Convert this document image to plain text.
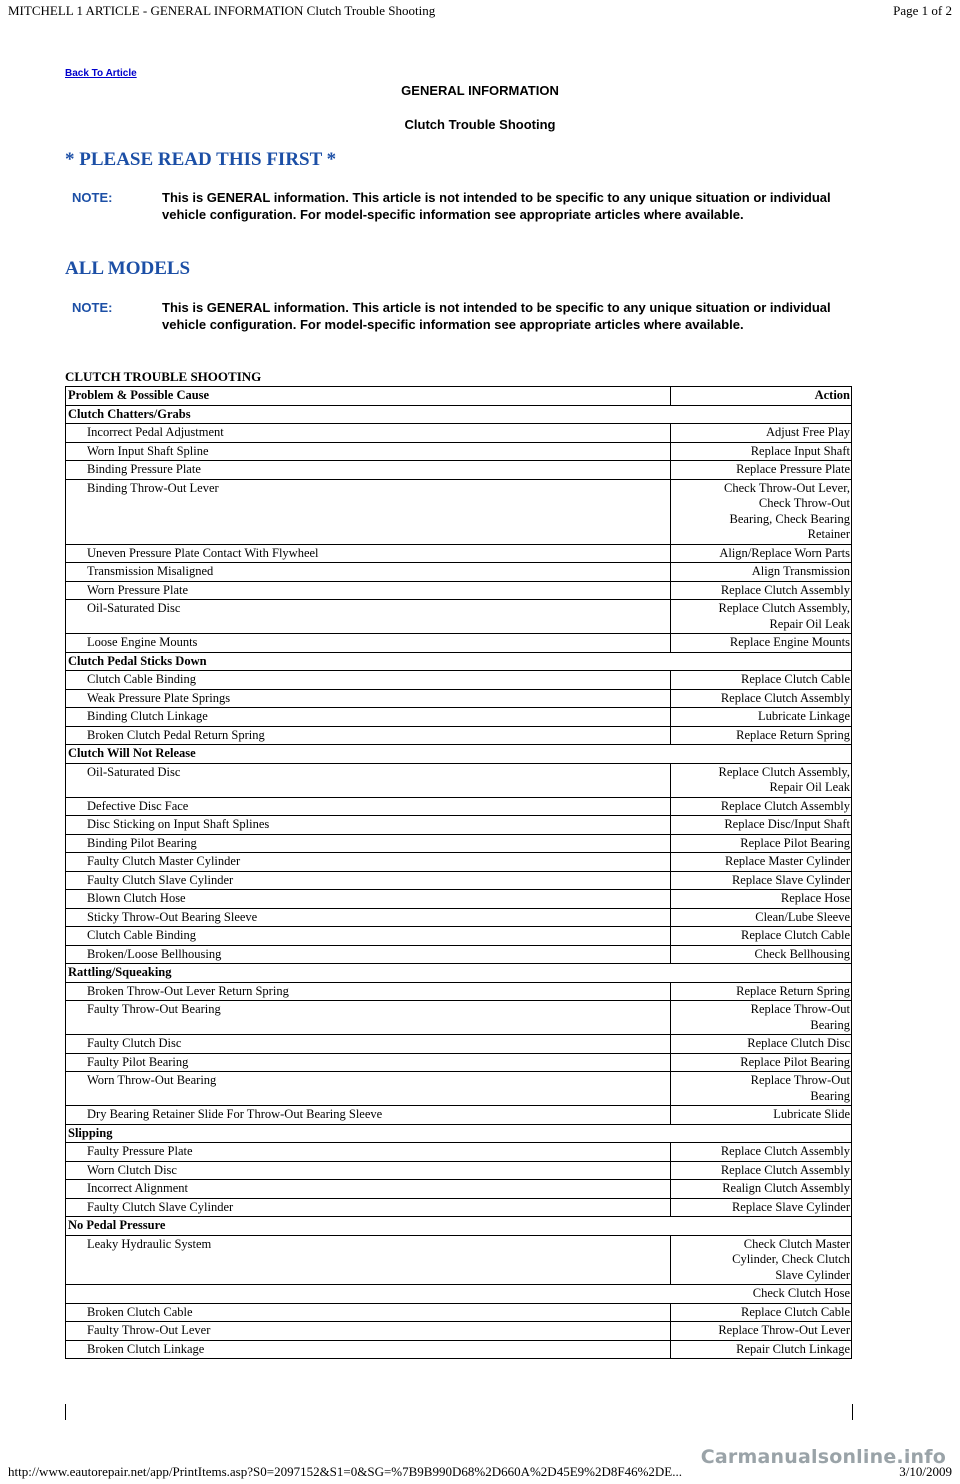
MITCHELL 1 ARTICLE - GENERAL INFORMATION Clutch Trouble Shooting	Page 1 of 2
Back To Article
GENERAL INFORMATION
Clutch Trouble Shooting
* PLEASE READ THIS FIRST *
NOTE:	This is GENERAL information. This article is not intended to be specific to any unique situation or individual vehicle configuration. For model-specific information see appropriate articles where available.
ALL MODELS
NOTE:	This is GENERAL information. This article is not intended to be specific to any unique situation or individual vehicle configuration. For model-specific information see appropriate articles where available.
CLUTCH TROUBLE SHOOTING
Problem & Possible Cause	Action
Clutch Chatters/Grabs	
Incorrect Pedal Adjustment	Adjust Free Play

Worn Input Shaft Spline	Replace Input Shaft

Binding Pressure Plate	Replace Pressure Plate

Binding Throw-Out Lever	Check Throw-Out Lever,
Check Throw-Out
Bearing, Check Bearing
Retainer

Uneven Pressure Plate Contact With Flywheel	Align/Replace Worn Parts

Transmission Misaligned	Align Transmission

Worn Pressure Plate	Replace Clutch Assembly

Oil-Saturated Disc	Replace Clutch Assembly,
Repair Oil Leak

Loose Engine Mounts	Replace Engine Mounts

Clutch Pedal Sticks Down	
Clutch Cable Binding	Replace Clutch Cable

Weak Pressure Plate Springs	Replace Clutch Assembly

Binding Clutch Linkage	Lubricate Linkage

Broken Clutch Pedal Return Spring	Replace Return Spring

Clutch Will Not Release	
Oil-Saturated Disc	Replace Clutch Assembly,
Repair Oil Leak

Defective Disc Face	Replace Clutch Assembly

Disc Sticking on Input Shaft Splines	Replace Disc/Input Shaft

Binding Pilot Bearing	Replace Pilot Bearing

Faulty Clutch Master Cylinder	Replace Master Cylinder

Faulty Clutch Slave Cylinder	Replace Slave Cylinder

Blown Clutch Hose	Replace Hose

Sticky Throw-Out Bearing Sleeve	Clean/Lube Sleeve

Clutch Cable Binding	Replace Clutch Cable

Broken/Loose Bellhousing	Check Bellhousing

Rattling/Squeaking	
Broken Throw-Out Lever Return Spring	Replace Return Spring

Faulty Throw-Out Bearing	Replace Throw-Out
Bearing

Faulty Clutch Disc	Replace Clutch Disc

Faulty Pilot Bearing	Replace Pilot Bearing

Worn Throw-Out Bearing	Replace Throw-Out
Bearing

Dry Bearing Retainer Slide For Throw-Out Bearing Sleeve	Lubricate Slide

Slipping	
Faulty Pressure Plate	Replace Clutch Assembly

Worn Clutch Disc	Replace Clutch Assembly

Incorrect Alignment	Realign Clutch Assembly

Faulty Clutch Slave Cylinder	Replace Slave Cylinder

No Pedal Pressure	
Leaky Hydraulic System	Check Clutch Master
Cylinder, Check Clutch
Slave Cylinder

Check Clutch Hose	

Broken Clutch Cable	Replace Clutch Cable

Faulty Throw-Out Lever	Replace Throw-Out Lever

Broken Clutch Linkage	Repair Clutch Linkage
http://www.eautorepair.net/app/PrintItems.asp?S0=2097152&S1=0&SG=%7B9B990D68%2D660A%2D45E9%2D8F46%2DE...	3/10/2009
Carmanualsonline.info
